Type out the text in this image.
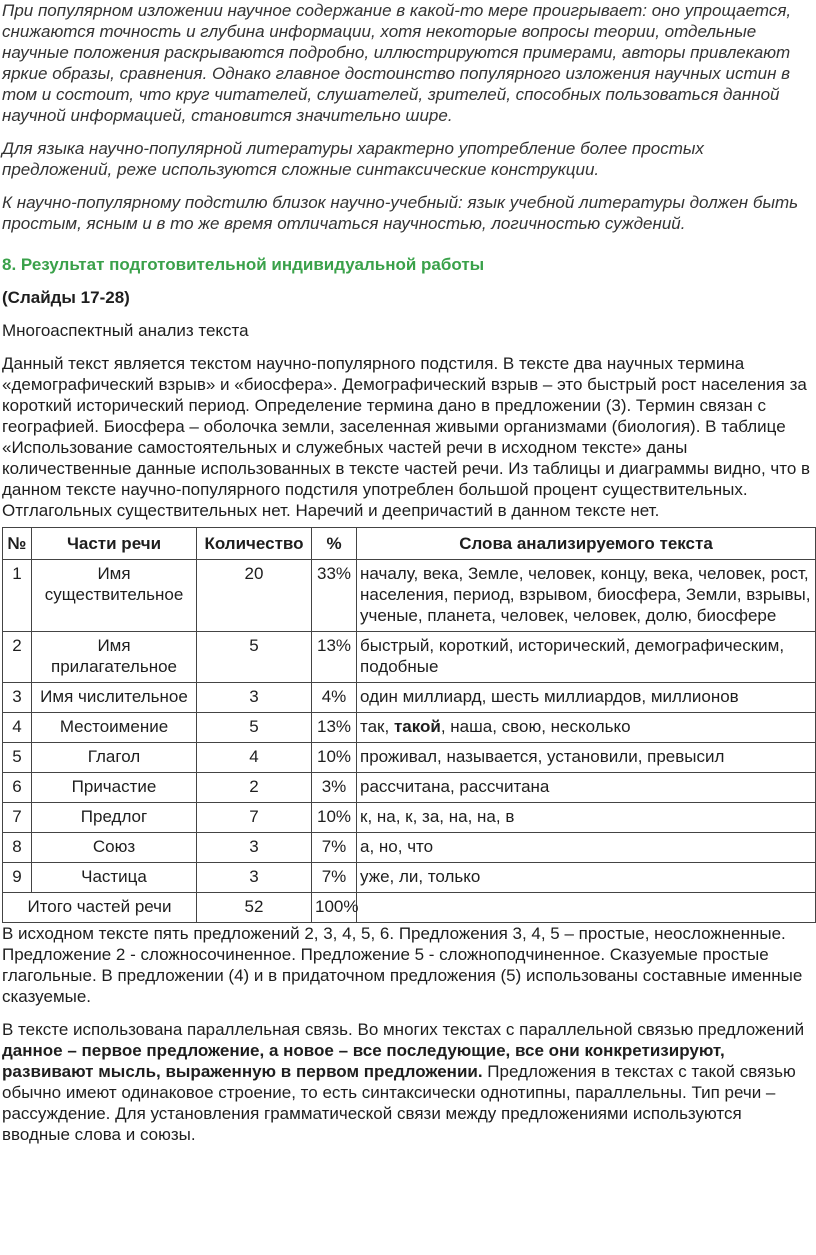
При популярном изложении научное содержание в какой-то мере проигрывает: оно упрощается, снижаются точность и глубина информации, хотя некоторые вопросы теории, отдельные научные положения раскрываются подробно, иллюстрируются примерами, авторы привлекают яркие образы, сравнения. Однако главное достоинство популярного изложения научных истин в том и состоит, что круг читателей, слушателей, зрителей, способных пользоваться данной научной информацией, становится значительно шире.

Для языка научно-популярной литературы характерно употребление более простых предложений, реже используются сложные синтаксические конструкции.

К научно-популярному подстилю близок научно-учебный: язык учебной литературы должен быть простым, ясным и в то же время отличаться научностью, логичностью суждений.

8. Результат подготовительной индивидуальной работы

(Слайды 17-28)

Многоаспектный анализ текста

Данный текст является текстом научно-популярного подстиля. В тексте два научных термина «демографический взрыв» и «биосфера». Демографический взрыв – это быстрый рост населения за короткий исторический период. Определение термина дано в предложении (3). Термин связан с географией. Биосфера – оболочка земли, заселенная живыми организмами (биология). В таблице «Использование самостоятельных и служебных частей речи в исходном тексте» даны количественные данные использованных в тексте частей речи. Из таблицы и диаграммы видно, что в данном тексте научно-популярного подстиля употреблен большой процент существительных. Отглагольных существительных нет. Наречий и деепричастий в данном тексте нет.

№	Части речи	Количество	%	Слова анализируемого текста
1	Имя существительное	20	33%	началу, века, Земле, человек, концу, века, человек, рост, населения, период, взрывом, биосфера, Земли, взрывы, ученые, планета, человек, человек, долю, биосфере
2	Имя прилагательное	5	13%	быстрый, короткий, исторический, демографическим, подобные
3	Имя числительное	3	4%	один миллиард, шесть миллиардов, миллионов
4	Местоимение	5	13%	так, такой, наша, свою, несколько
5	Глагол	4	10%	проживал, называется, установили, превысил
6	Причастие	2	3%	рассчитана, рассчитана
7	Предлог	7	10%	к, на, к, за, на, на, в
8	Союз	3	7%	а, но, что
9	Частица	3	7%	уже, ли, только
Итого частей речи		52	100%	

В исходном тексте пять предложений 2, 3, 4, 5, 6. Предложения 3, 4, 5 – простые, неосложненные. Предложение 2 - сложносочиненное. Предложение 5 - сложноподчиненное. Сказуемые простые глагольные. В предложении (4) и в придаточном предложения (5) использованы составные именные сказуемые.

В тексте использована параллельная связь. Во многих текстах с параллельной связью предложений данное – первое предложение, а новое – все последующие, все они конкретизируют, развивают мысль, выраженную в первом предложении. Предложения в текстах с такой связью обычно имеют одинаковое строение, то есть синтаксически однотипны, параллельны. Тип речи – рассуждение. Для установления грамматической связи между предложениями используются вводные слова и союзы.
